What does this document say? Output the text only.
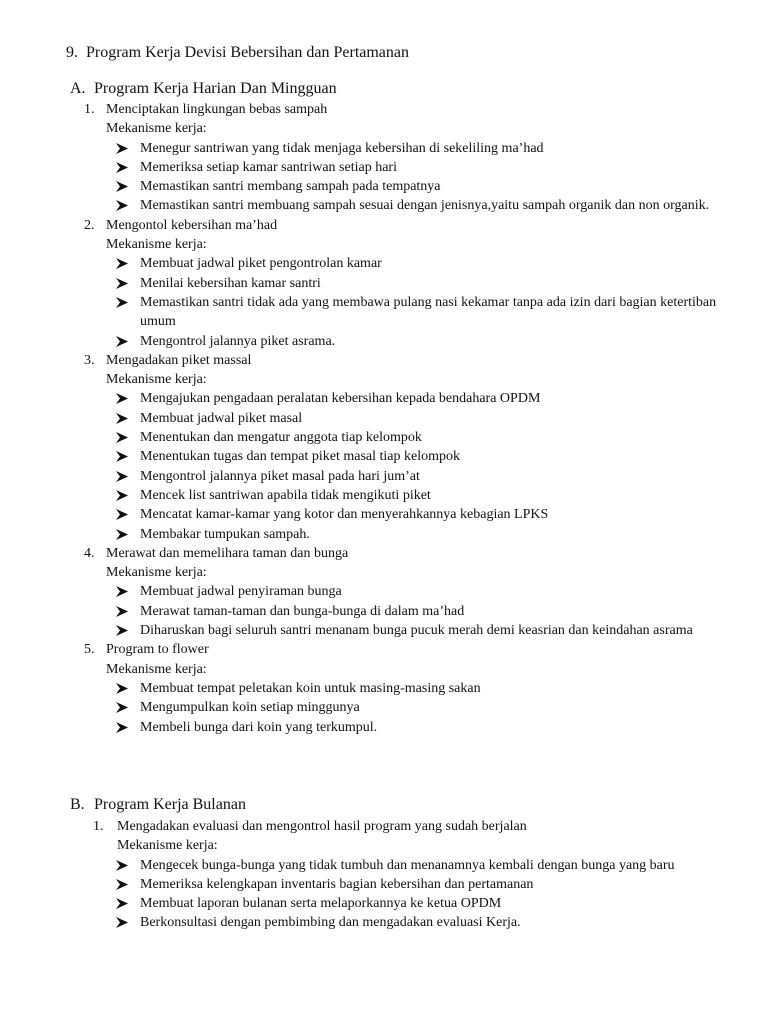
9. Program Kerja Devisi Bebersihan dan Pertamanan
A. Program Kerja Harian Dan Mingguan
1. Menciptakan lingkungan bebas sampah
Mekanisme kerja:
Menegur santriwan yang tidak menjaga kebersihan di sekeliling ma’had
Memeriksa setiap kamar santriwan setiap hari
Memastikan santri membang sampah pada tempatnya
Memastikan santri membuang sampah sesuai dengan jenisnya,yaitu sampah organik dan non organik.
2. Mengontol kebersihan ma’had
Mekanisme kerja:
Membuat jadwal piket pengontrolan kamar
Menilai kebersihan kamar santri
Memastikan santri tidak ada yang membawa pulang nasi kekamar tanpa ada izin dari bagian ketertiban umum
Mengontrol jalannya piket asrama.
3. Mengadakan piket massal
Mekanisme kerja:
Mengajukan pengadaan peralatan kebersihan kepada bendahara OPDM
Membuat jadwal piket masal
Menentukan dan mengatur anggota tiap kelompok
Menentukan tugas dan tempat piket masal tiap kelompok
Mengontrol jalannya piket masal pada hari jum’at
Mencek list santriwan apabila tidak mengikuti piket
Mencatat kamar-kamar yang kotor dan menyerahkannya kebagian LPKS
Membakar tumpukan sampah.
4. Merawat dan memelihara taman dan bunga
Mekanisme kerja:
Membuat jadwal penyiraman bunga
Merawat taman-taman dan bunga-bunga di dalam ma’had
Diharuskan bagi seluruh santri menanam bunga pucuk merah demi keasrian dan keindahan asrama
5. Program to flower
Mekanisme kerja:
Membuat tempat peletakan koin untuk masing-masing sakan
Mengumpulkan koin setiap minggunya
Membeli bunga dari koin yang terkumpul.
B. Program Kerja Bulanan
1. Mengadakan evaluasi dan mengontrol hasil program yang sudah berjalan
Mekanisme kerja:
Mengecek bunga-bunga yang tidak tumbuh dan menanamnya kembali dengan bunga yang baru
Memeriksa kelengkapan inventaris bagian kebersihan dan pertamanan
Membuat laporan bulanan serta melaporkannya ke ketua OPDM
Berkonsultasi dengan pembimbing dan mengadakan evaluasi Kerja.
